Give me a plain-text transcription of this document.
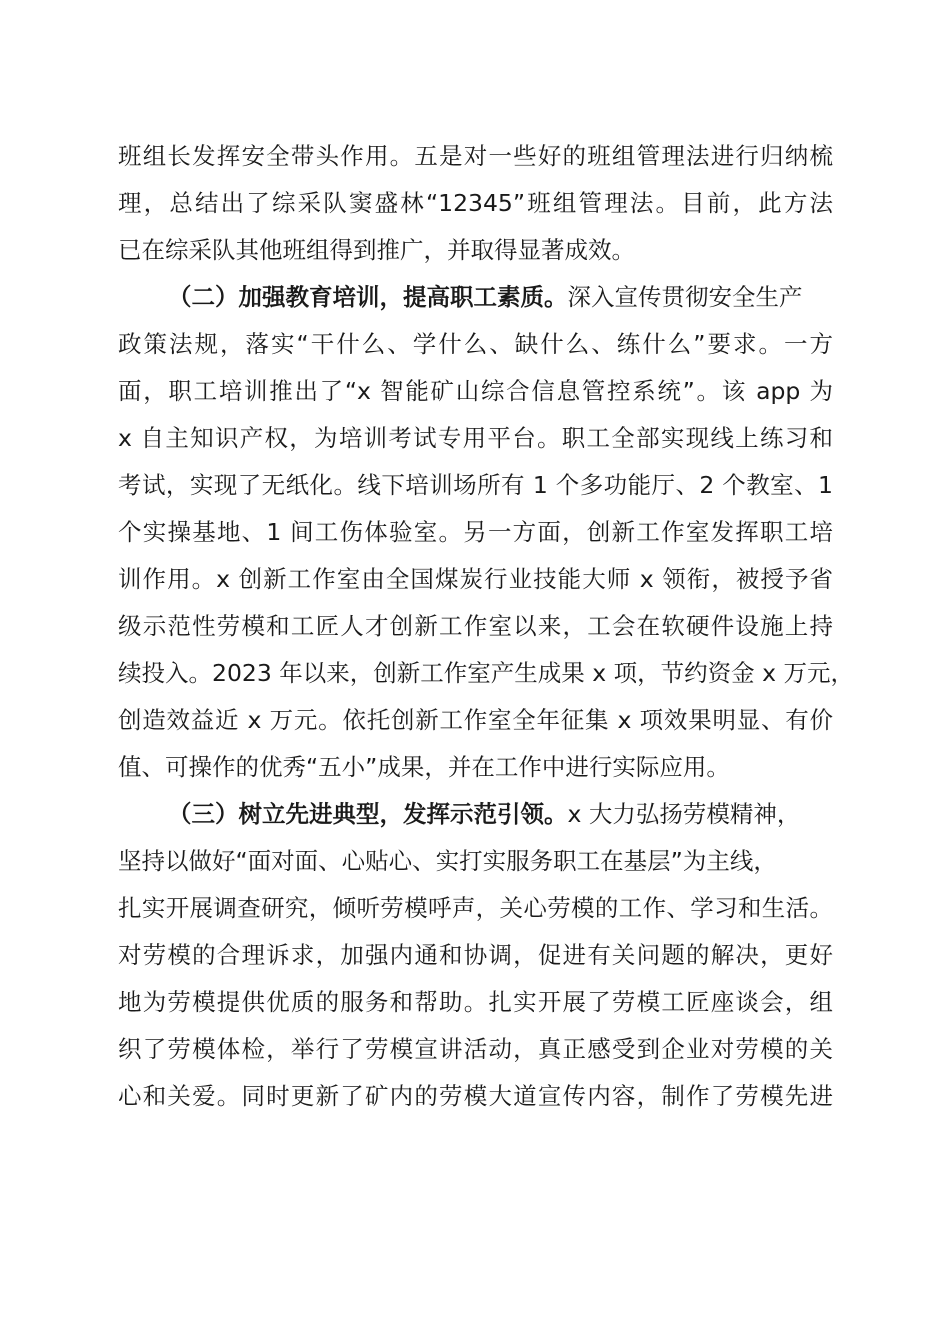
班组长发挥安全带头作用。五是对一些好的班组管理法进行归纳梳
理，总结出了综采队窦盛林“12345”班组管理法。目前，此方法
已在综采队其他班组得到推广，并取得显著成效。
（二）加强教育培训，提高职工素质。深入宣传贯彻安全生产
政策法规，落实“干什么、学什么、缺什么、练什么”要求。一方
面，职工培训推出了“x 智能矿山综合信息管控系统”。该 app 为
x 自主知识产权，为培训考试专用平台。职工全部实现线上练习和
考试，实现了无纸化。线下培训场所有 1 个多功能厅、2 个教室、1
个实操基地、1 间工伤体验室。另一方面，创新工作室发挥职工培
训作用。x 创新工作室由全国煤炭行业技能大师 x 领衔，被授予省
级示范性劳模和工匠人才创新工作室以来，工会在软硬件设施上持
续投入。2023 年以来，创新工作室产生成果 x 项，节约资金 x 万元，
创造效益近 x 万元。依托创新工作室全年征集 x 项效果明显、有价
值、可操作的优秀“五小”成果，并在工作中进行实际应用。
（三）树立先进典型，发挥示范引领。x 大力弘扬劳模精神，
坚持以做好“面对面、心贴心、实打实服务职工在基层”为主线，
扎实开展调查研究，倾听劳模呼声，关心劳模的工作、学习和生活。
对劳模的合理诉求，加强内通和协调，促进有关问题的解决，更好
地为劳模提供优质的服务和帮助。扎实开展了劳模工匠座谈会，组
织了劳模体检，举行了劳模宣讲活动，真正感受到企业对劳模的关
心和关爱。同时更新了矿内的劳模大道宣传内容，制作了劳模先进
